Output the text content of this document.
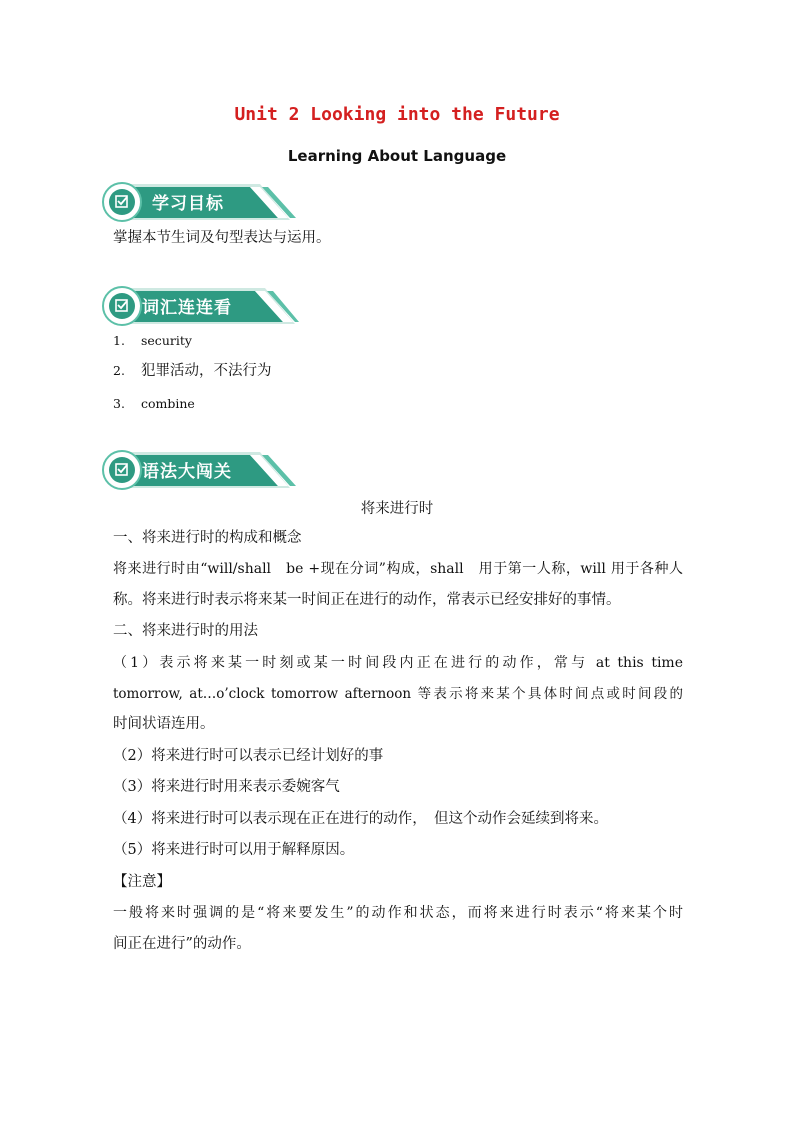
Unit 2 Looking into the Future
Learning About Language
学习目标
掌握本节生词及句型表达与运用。
词汇连连看
1. security
2. 犯罪活动，不法行为
3. combine
语法大闯关
将来进行时
一、将来进行时的构成和概念
将来进行时由“will/shall　be +现在分词”构成，shall　用于第一人称，will 用于各种人
称。将来进行时表示将来某一时间正在进行的动作，常表示已经安排好的事情。
二、将来进行时的用法
（1）表示将来某一时刻或某一时间段内正在进行的动作，常与 at this time
tomorrow, at…o’clock tomorrow afternoon 等表示将来某个具体时间点或时间段的
时间状语连用。
（2）将来进行时可以表示已经计划好的事
（3）将来进行时用来表示委婉客气
（4）将来进行时可以表示现在正在进行的动作，　但这个动作会延续到将来。
（5）将来进行时可以用于解释原因。
【注意】
一般将来时强调的是“将来要发生”的动作和状态，而将来进行时表示“将来某个时
间正在进行”的动作。
